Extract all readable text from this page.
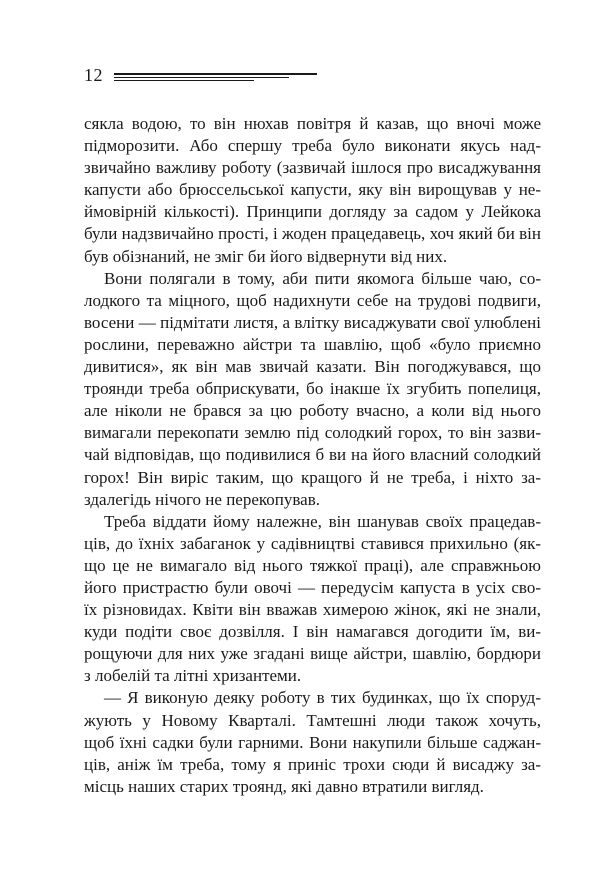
12
сякла водою, то він нюхав повітря й казав, що вночі може
підморозити. Або спершу треба було виконати якусь над-
звичайно важливу роботу (зазвичай ішлося про висаджування
капусти або брюссельської капусти, яку він вирощував у не-
ймовірній кількості). Принципи догляду за садом у Лейкока
були надзвичайно прості, і жоден працедавець, хоч який би він
був обізнаний, не зміг би його відвернути від них.
Вони полягали в тому, аби пити якомога більше чаю, со-
лодкого та міцного, щоб надихнути себе на трудові подвиги,
восени — підмітати листя, а влітку висаджувати свої улюблені
рослини, переважно айстри та шавлію, щоб «було приємно
дивитися», як він мав звичай казати. Він погоджувався, що
троянди треба обприскувати, бо інакше їх згубить попелиця,
але ніколи не брався за цю роботу вчасно, а коли від нього
вимагали перекопати землю під солодкий горох, то він зазви-
чай відповідав, що подивилися б ви на його власний солодкий
горох! Він виріс таким, що кращого й не треба, і ніхто за-
здалегідь нічого не перекопував.
Треба віддати йому належне, він шанував своїх працедав-
ців, до їхніх забаганок у садівництві ставився прихильно (як-
що це не вимагало від нього тяжкої праці), але справжньою
його пристрастю були овочі — передусім капуста в усіх сво-
їх різновидах. Квіти він вважав химерою жінок, які не знали,
куди подіти своє дозвілля. І він намагався догодити їм, ви-
рощуючи для них уже згадані вище айстри, шавлію, бордюри
з лобелій та літні хризантеми.
— Я виконую деяку роботу в тих будинках, що їх споруд-
жують у Новому Кварталі. Тамтешні люди також хочуть,
щоб їхні садки були гарними. Вони накупили більше саджан-
ців, аніж їм треба, тому я приніс трохи сюди й висаджу за-
місць наших старих троянд, які давно втратили вигляд.
